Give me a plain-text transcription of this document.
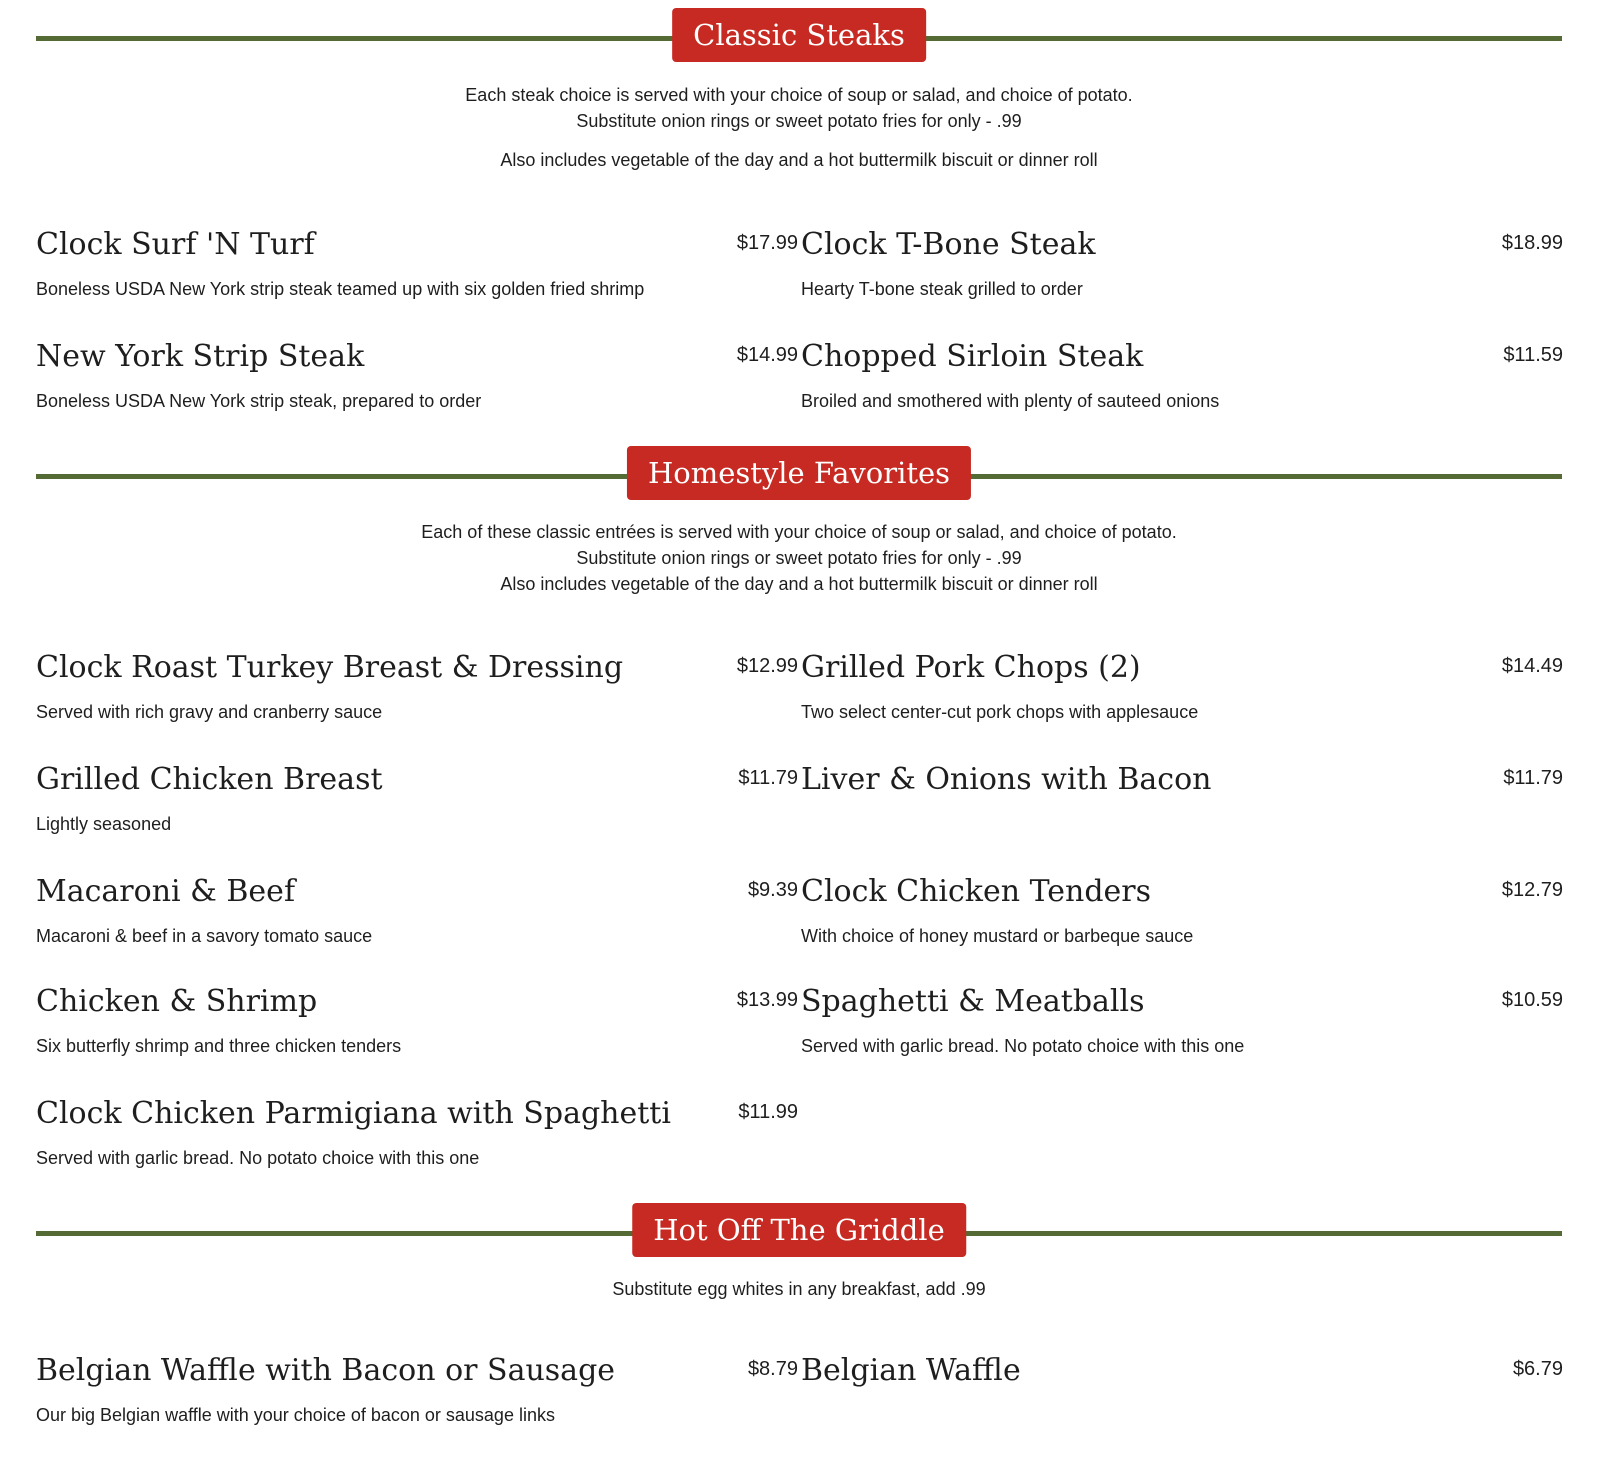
Classic Steaks
Each steak choice is served with your choice of soup or salad, and choice of potato.
Substitute onion rings or sweet potato fries for only - .99
Also includes vegetable of the day and a hot buttermilk biscuit or dinner roll
Clock Surf 'N Turf	$17.99
Boneless USDA New York strip steak teamed up with six golden fried shrimp
Clock T-Bone Steak	$18.99
Hearty T-bone steak grilled to order
New York Strip Steak	$14.99
Boneless USDA New York strip steak, prepared to order
Chopped Sirloin Steak	$11.59
Broiled and smothered with plenty of sauteed onions
Homestyle Favorites
Each of these classic entrées is served with your choice of soup or salad, and choice of potato.
Substitute onion rings or sweet potato fries for only - .99
Also includes vegetable of the day and a hot buttermilk biscuit or dinner roll
Clock Roast Turkey Breast & Dressing	$12.99
Served with rich gravy and cranberry sauce
Grilled Pork Chops (2)	$14.49
Two select center-cut pork chops with applesauce
Grilled Chicken Breast	$11.79
Lightly seasoned
Liver & Onions with Bacon	$11.79
Macaroni & Beef	$9.39
Macaroni & beef in a savory tomato sauce
Clock Chicken Tenders	$12.79
With choice of honey mustard or barbeque sauce
Chicken & Shrimp	$13.99
Six butterfly shrimp and three chicken tenders
Spaghetti & Meatballs	$10.59
Served with garlic bread. No potato choice with this one
Clock Chicken Parmigiana with Spaghetti	$11.99
Served with garlic bread. No potato choice with this one
Hot Off The Griddle
Substitute egg whites in any breakfast, add .99
Belgian Waffle with Bacon or Sausage	$8.79
Our big Belgian waffle with your choice of bacon or sausage links
Belgian Waffle	$6.79
